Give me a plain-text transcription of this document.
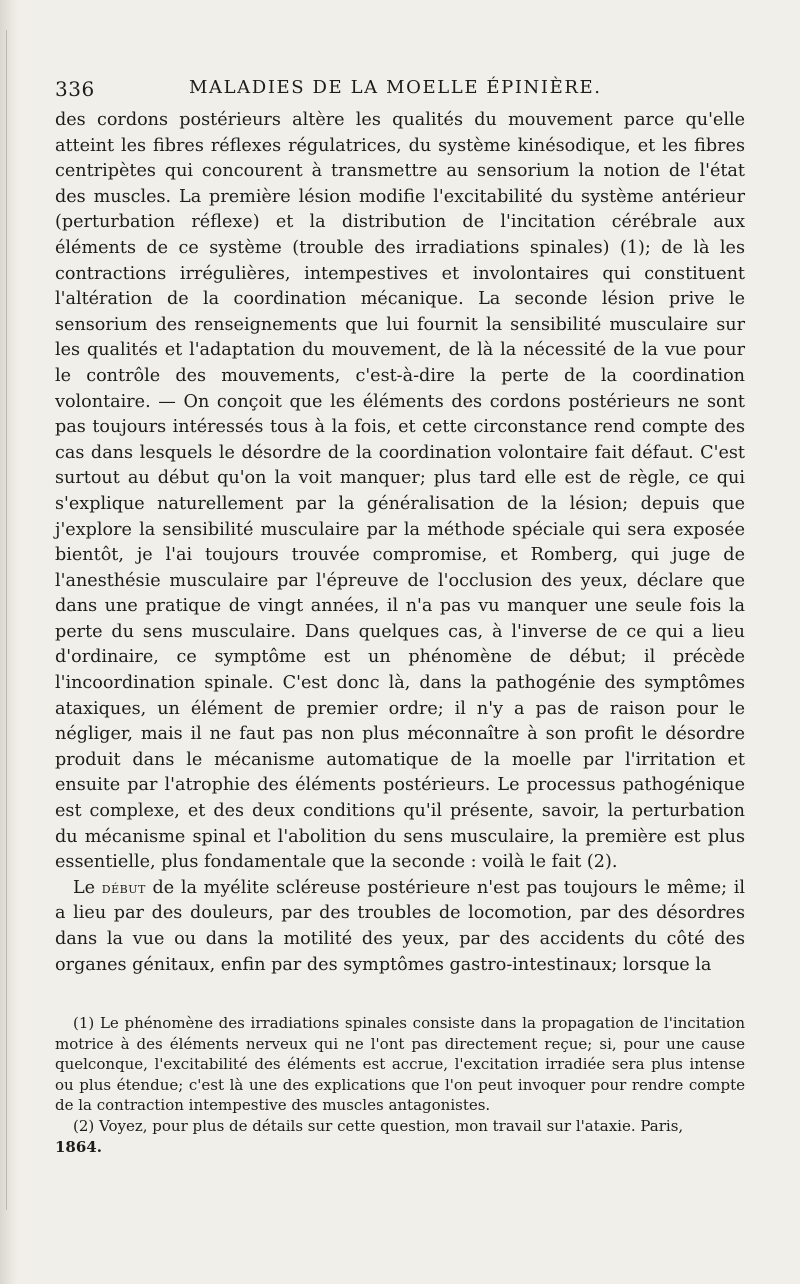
336	MALADIES DE LA MOELLE ÉPINIÈRE.

des cordons postérieurs altère les qualités du mouvement parce qu'elle atteint les fibres réflexes régulatrices, du système kinésodique, et les fibres centripètes qui concourent à transmettre au sensorium la notion de l'état des muscles. La première lésion modifie l'excitabilité du système antérieur (perturbation réflexe) et la distribution de l'incitation cérébrale aux éléments de ce système (trouble des irradiations spinales) (1); de là les contractions irrégulières, intempestives et involontaires qui constituent l'altération de la coordination mécanique. La seconde lésion prive le sensorium des renseignements que lui fournit la sensibilité musculaire sur les qualités et l'adaptation du mouvement, de là la nécessité de la vue pour le contrôle des mouvements, c'est-à-dire la perte de la coordination volontaire. — On conçoit que les éléments des cordons postérieurs ne sont pas toujours intéressés tous à la fois, et cette circonstance rend compte des cas dans lesquels le désordre de la coordination volontaire fait défaut. C'est surtout au début qu'on la voit manquer; plus tard elle est de règle, ce qui s'explique naturellement par la généralisation de la lésion; depuis que j'explore la sensibilité musculaire par la méthode spéciale qui sera exposée bientôt, je l'ai toujours trouvée compromise, et Romberg, qui juge de l'anesthésie musculaire par l'épreuve de l'occlusion des yeux, déclare que dans une pratique de vingt années, il n'a pas vu manquer une seule fois la perte du sens musculaire. Dans quelques cas, à l'inverse de ce qui a lieu d'ordinaire, ce symptôme est un phénomène de début; il précède l'incoordination spinale. C'est donc là, dans la pathogénie des symptômes ataxiques, un élément de premier ordre; il n'y a pas de raison pour le négliger, mais il ne faut pas non plus méconnaître à son profit le désordre produit dans le mécanisme automatique de la moelle par l'irritation et ensuite par l'atrophie des éléments postérieurs. Le processus pathogénique est complexe, et des deux conditions qu'il présente, savoir, la perturbation du mécanisme spinal et l'abolition du sens musculaire, la première est plus essentielle, plus fondamentale que la seconde : voilà le fait (2).

Le début de la myélite scléreuse postérieure n'est pas toujours le même; il a lieu par des douleurs, par des troubles de locomotion, par des désordres dans la vue ou dans la motilité des yeux, par des accidents du côté des organes génitaux, enfin par des symptômes gastro-intestinaux; lorsque la

(1) Le phénomène des irradiations spinales consiste dans la propagation de l'incitation motrice à des éléments nerveux qui ne l'ont pas directement reçue; si, pour une cause quelconque, l'excitabilité des éléments est accrue, l'excitation irradiée sera plus intense ou plus étendue; c'est là une des explications que l'on peut invoquer pour rendre compte de la contraction intempestive des muscles antagonistes.

(2) Voyez, pour plus de détails sur cette question, mon travail sur l'ataxie. Paris,
1864.
